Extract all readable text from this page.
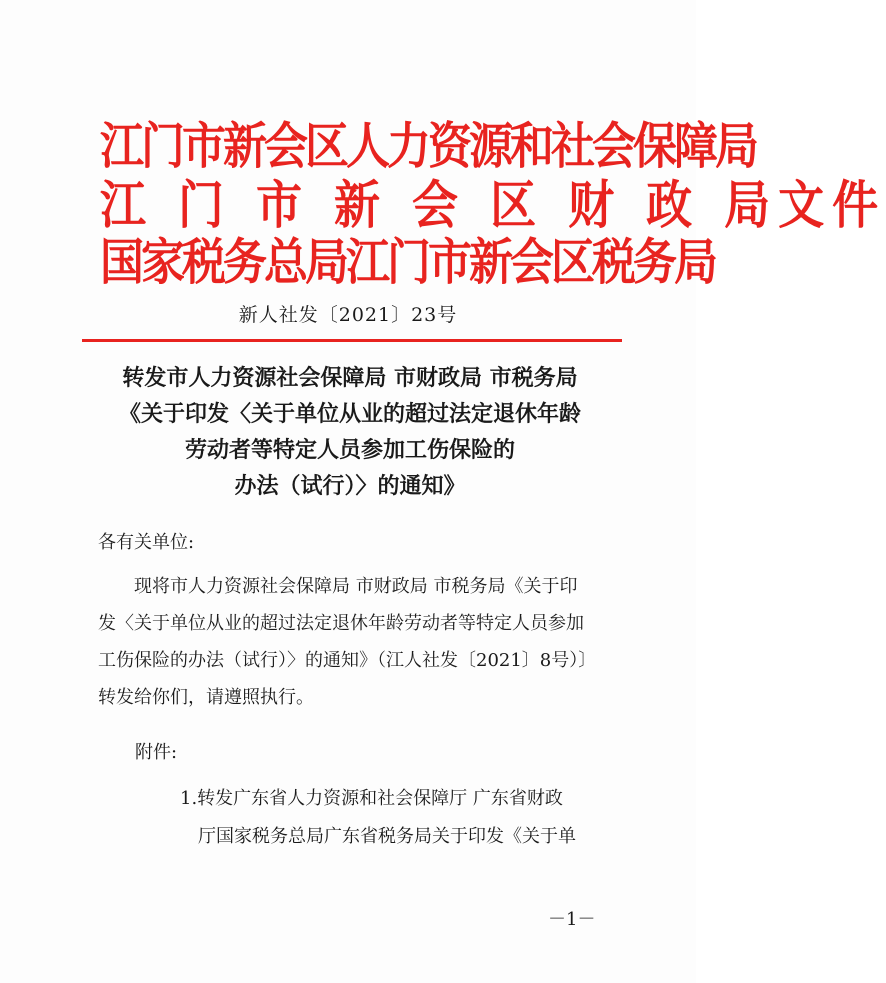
江门市新会区人力资源和社会保障局
江 门 市 新 会 区 财 政 局文件
国家税务总局江门市新会区税务局
新人社发〔2021〕23号
转发市人力资源社会保障局 市财政局 市税务局
《关于印发〈关于单位从业的超过法定退休年龄
劳动者等特定人员参加工伤保险的
办法（试行）〉的通知》
各有关单位:
现将市人力资源社会保障局 市财政局 市税务局《关于印
发〈关于单位从业的超过法定退休年龄劳动者等特定人员参加
工伤保险的办法（试行）〉的通知》（江人社发〔2021〕8号）〕
转发给你们，请遵照执行。
附件:
1.转发广东省人力资源和社会保障厅 广东省财政
厅国家税务总局广东省税务局关于印发《关于单
－1－
